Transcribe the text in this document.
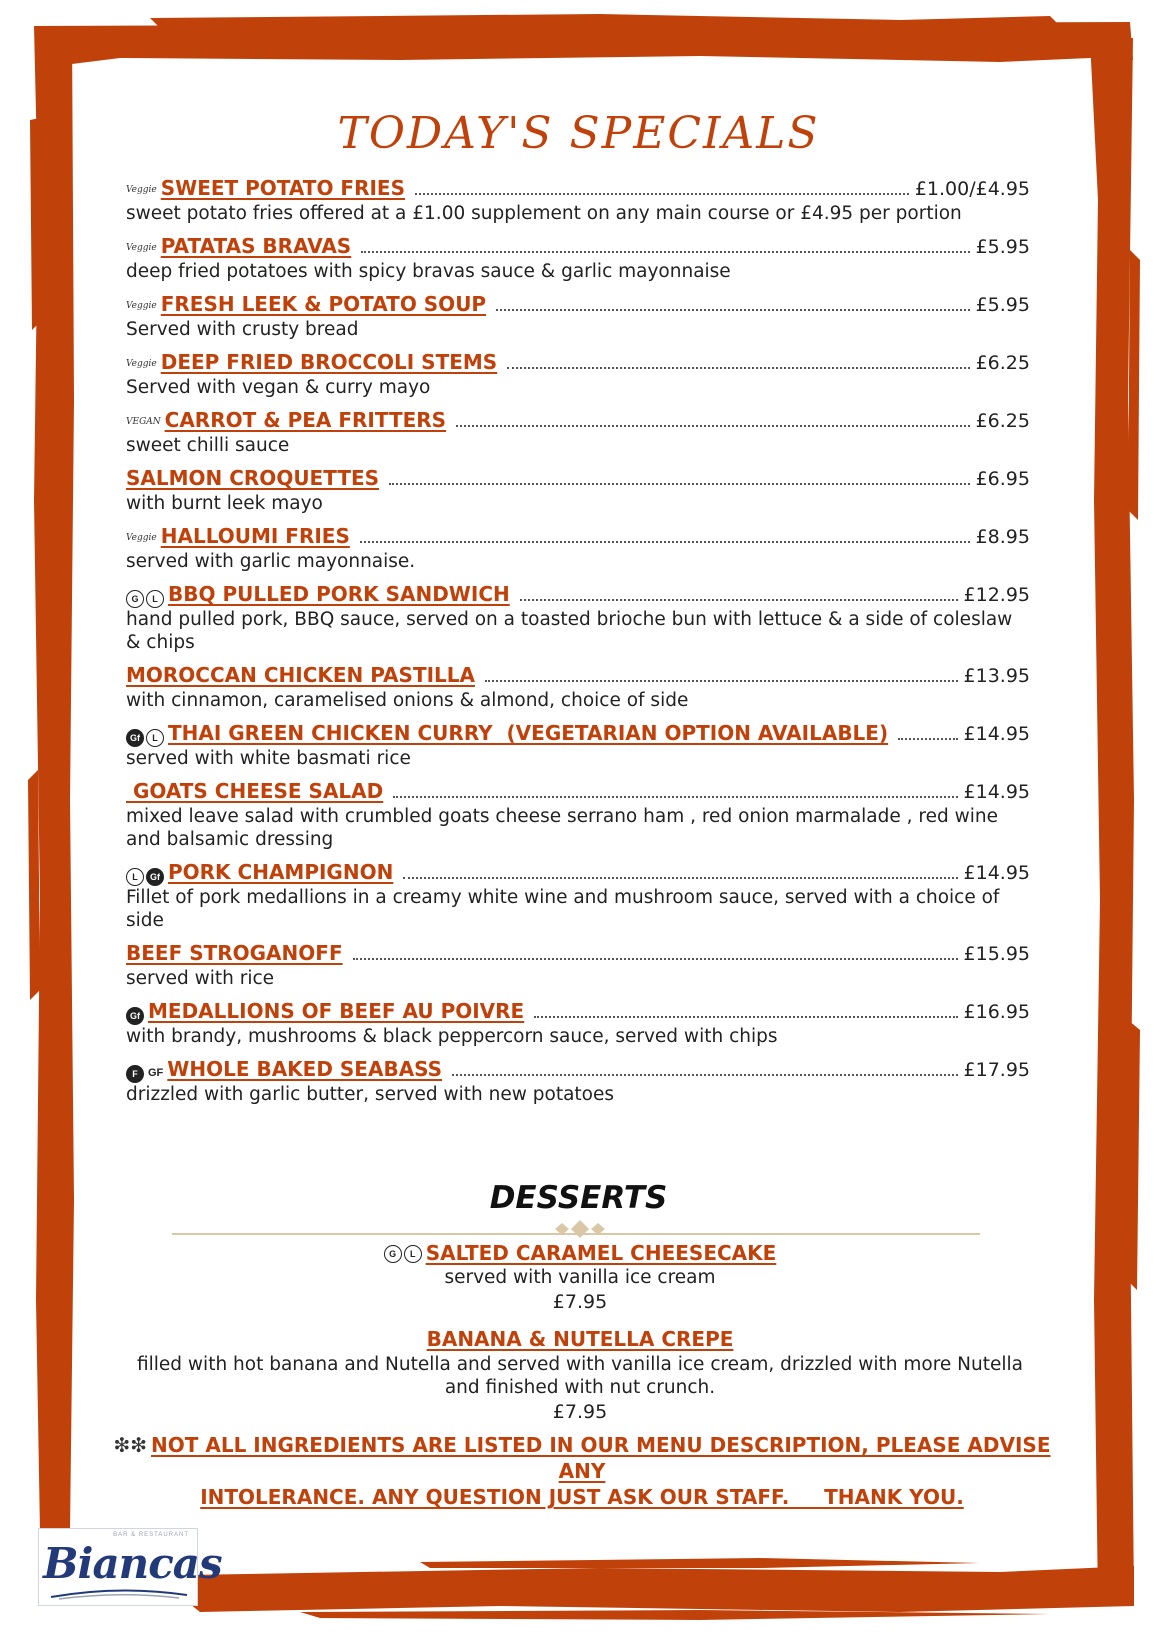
TODAY'S SPECIALS
Veggie SWEET POTATO FRIES	£1.00/£4.95
sweet potato fries offered at a £1.00 supplement on any main course or £4.95 per portion
Veggie PATATAS BRAVAS	£5.95
deep fried potatoes with spicy bravas sauce & garlic mayonnaise
Veggie FRESH LEEK & POTATO SOUP	£5.95
Served with crusty bread
Veggie DEEP FRIED BROCCOLI STEMS	£6.25
Served with vegan & curry mayo
VEGAN CARROT & PEA FRITTERS	£6.25
sweet chilli sauce
SALMON CROQUETTES	£6.95
with burnt leek mayo
Veggie HALLOUMI FRIES	£8.95
served with garlic mayonnaise.
G	L BBQ PULLED PORK SANDWICH	£12.95
hand pulled pork, BBQ sauce, served on a toasted brioche bun with lettuce & a side of coleslaw & chips
MOROCCAN CHICKEN PASTILLA	£13.95
with cinnamon, caramelised onions & almond, choice of side
Gf	L THAI GREEN CHICKEN CURRY  (VEGETARIAN OPTION AVAILABLE)	£14.95
served with white basmati rice
GOATS CHEESE SALAD	£14.95
mixed leave salad with crumbled goats cheese serrano ham , red onion marmalade , red wine and balsamic dressing
L	Gf PORK CHAMPIGNON	£14.95
Fillet of pork medallions in a creamy white wine and mushroom sauce, served with a choice of side
BEEF STROGANOFF	£15.95
served with rice
Gf MEDALLIONS OF BEEF AU POIVRE	£16.95
with brandy, mushrooms & black peppercorn sauce, served with chips
F GF WHOLE BAKED SEABASS	£17.95
drizzled with garlic butter, served with new potatoes
DESSERTS
G	L SALTED CARAMEL CHEESECAKE
served with vanilla ice cream
£7.95
BANANA & NUTELLA CREPE
filled with hot banana and Nutella and served with vanilla ice cream, drizzled with more Nutella and finished with nut crunch.
£7.95
❇❇ NOT ALL INGREDIENTS ARE LISTED IN OUR MENU DESCRIPTION, PLEASE ADVISE ANY
INTOLERANCE. ANY QUESTION JUST ASK OUR STAFF.     THANK YOU.
BAR & RESTAURANT
Biancas
